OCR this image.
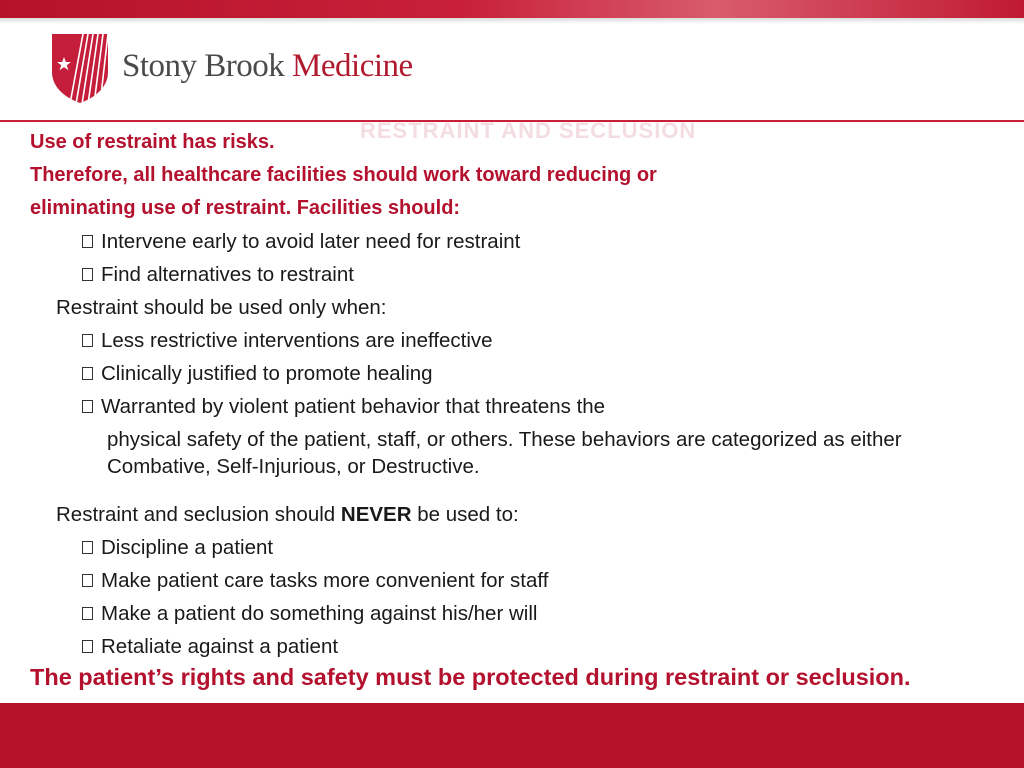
Stony Brook Medicine
RESTRAINT AND SECLUSION
Use of restraint has risks.
Therefore, all healthcare facilities should work toward reducing or
eliminating use of restraint. Facilities should:
Intervene early to avoid later need for restraint
Find alternatives to restraint
Restraint should be used only when:
Less restrictive interventions are ineffective
Clinically justified to promote healing
Warranted by violent patient behavior that threatens the
physical safety of the patient, staff, or others. These behaviors are categorized as either Combative, Self-Injurious, or Destructive.
Restraint and seclusion should NEVER be used to:
Discipline a patient
Make patient care tasks more convenient for staff
Make a patient do something against his/her will
Retaliate against a patient
The patient’s rights and safety must be protected during restraint or seclusion.
